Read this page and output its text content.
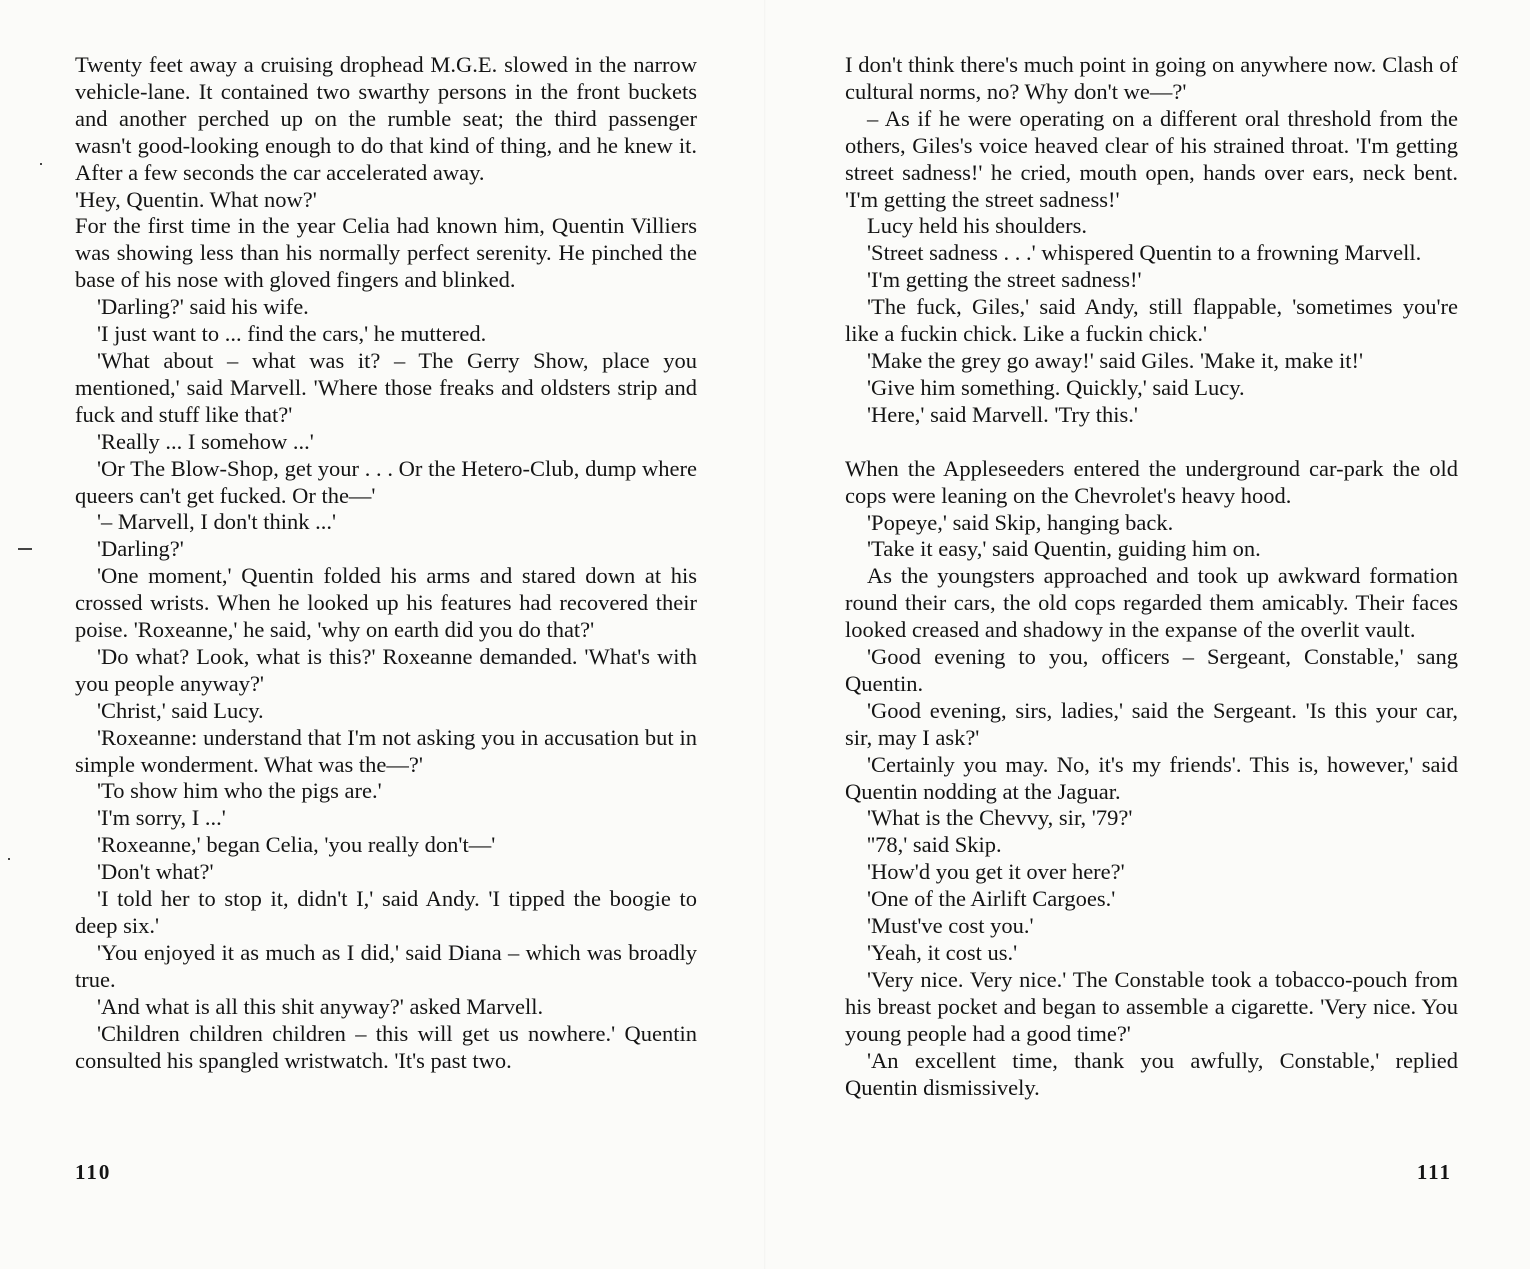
Twenty feet away a cruising drophead M.G.E. slowed in the narrow vehicle-lane. It contained two swarthy persons in the front buckets and another perched up on the rumble seat; the third passenger wasn't good-looking enough to do that kind of thing, and he knew it. After a few seconds the car accelerated away.

'Hey, Quentin. What now?'

For the first time in the year Celia had known him, Quentin Villiers was showing less than his normally perfect serenity. He pinched the base of his nose with gloved fingers and blinked.

'Darling?' said his wife.

'I just want to ... find the cars,' he muttered.

'What about – what was it? – The Gerry Show, place you mentioned,' said Marvell. 'Where those freaks and oldsters strip and fuck and stuff like that?'

'Really ... I somehow ...'

'Or The Blow-Shop, get your . . . Or the Hetero-Club, dump where queers can't get fucked. Or the—'

'– Marvell, I don't think ...'

'Darling?'

'One moment,' Quentin folded his arms and stared down at his crossed wrists. When he looked up his features had recovered their poise. 'Roxeanne,' he said, 'why on earth did you do that?'

'Do what? Look, what is this?' Roxeanne demanded. 'What's with you people anyway?'

'Christ,' said Lucy.

'Roxeanne: understand that I'm not asking you in accusation but in simple wonderment. What was the—?'

'To show him who the pigs are.'

'I'm sorry, I ...'

'Roxeanne,' began Celia, 'you really don't—'

'Don't what?'

'I told her to stop it, didn't I,' said Andy. 'I tipped the boogie to deep six.'

'You enjoyed it as much as I did,' said Diana – which was broadly true.

'And what is all this shit anyway?' asked Marvell.

'Children children children – this will get us nowhere.' Quentin consulted his spangled wristwatch. 'It's past two.

110

I don't think there's much point in going on anywhere now. Clash of cultural norms, no? Why don't we—?'

– As if he were operating on a different oral threshold from the others, Giles's voice heaved clear of his strained throat. 'I'm getting street sadness!' he cried, mouth open, hands over ears, neck bent. 'I'm getting the street sadness!'

Lucy held his shoulders.

'Street sadness . . .' whispered Quentin to a frowning Marvell.

'I'm getting the street sadness!'

'The fuck, Giles,' said Andy, still flappable, 'sometimes you're like a fuckin chick. Like a fuckin chick.'

'Make the grey go away!' said Giles. 'Make it, make it!'

'Give him something. Quickly,' said Lucy.

'Here,' said Marvell. 'Try this.'

When the Appleseeders entered the underground car-park the old cops were leaning on the Chevrolet's heavy hood.

'Popeye,' said Skip, hanging back.

'Take it easy,' said Quentin, guiding him on.

As the youngsters approached and took up awkward formation round their cars, the old cops regarded them amicably. Their faces looked creased and shadowy in the expanse of the overlit vault.

'Good evening to you, officers – Sergeant, Constable,' sang Quentin.

'Good evening, sirs, ladies,' said the Sergeant. 'Is this your car, sir, may I ask?'

'Certainly you may. No, it's my friends'. This is, however,' said Quentin nodding at the Jaguar.

'What is the Chevvy, sir, '79?'

''78,' said Skip.

'How'd you get it over here?'

'One of the Airlift Cargoes.'

'Must've cost you.'

'Yeah, it cost us.'

'Very nice. Very nice.' The Constable took a tobacco-pouch from his breast pocket and began to assemble a cigarette. 'Very nice. You young people had a good time?'

'An excellent time, thank you awfully, Constable,' replied Quentin dismissively.

111
